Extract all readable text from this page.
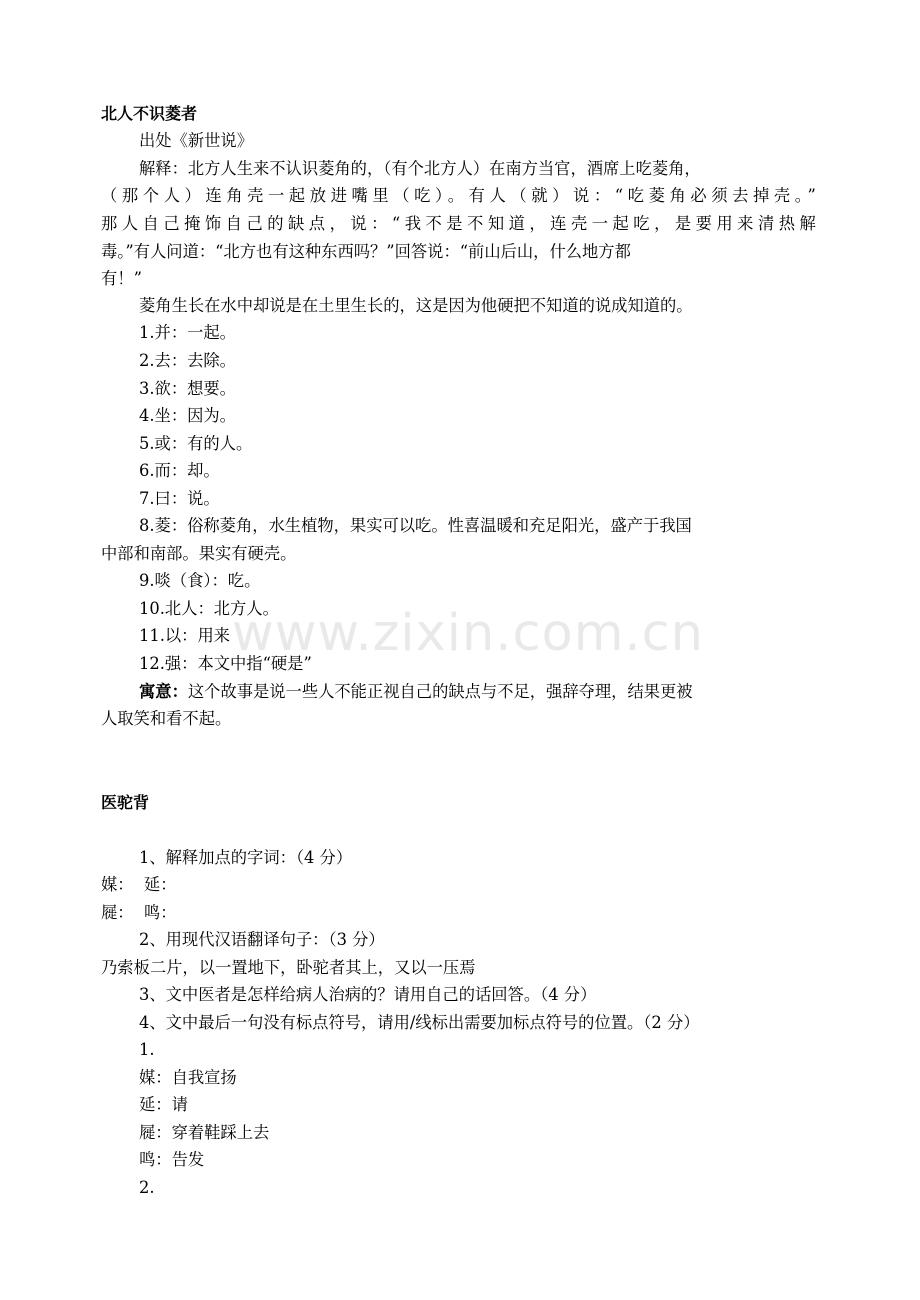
www.zixin.com.cn
北人不识菱者
出处《新世说》
解释：北方人生来不认识菱角的，（有个北方人）在南方当官，酒席上吃菱角，
（那个人）连角壳一起放进嘴里（吃）。有人（就）说：“吃菱角必须去掉壳。”
那人自己掩饰自己的缺点，说：“我不是不知道，连壳一起吃，是要用来清热解
毒。”有人问道：“北方也有这种东西吗？”回答说：“前山后山，什么地方都
有！”
菱角生长在水中却说是在土里生长的，这是因为他硬把不知道的说成知道的。
1.并：一起。
2.去：去除。
3.欲：想要。
4.坐：因为。
5.或：有的人。
6.而：却。
7.曰：说。
8.菱：俗称菱角，水生植物，果实可以吃。性喜温暖和充足阳光，盛产于我国
中部和南部。果实有硬壳。
9.啖（食）：吃。
10.北人：北方人。
11.以：用来
12.强：本文中指“硬是”
寓意：这个故事是说一些人不能正视自己的缺点与不足，强辞夺理，结果更被
人取笑和看不起。
医驼背
1、解释加点的字词：（4 分）
媒：  延：
屣：  鸣：
2、用现代汉语翻译句子：（3 分）
乃索板二片，以一置地下，卧驼者其上，又以一压焉
3、文中医者是怎样给病人治病的？请用自己的话回答。（4 分）
4、文中最后一句没有标点符号，请用/线标出需要加标点符号的位置。（2 分）
1.
媒：自我宣扬
延：请
屣：穿着鞋踩上去
鸣：告发
2.
